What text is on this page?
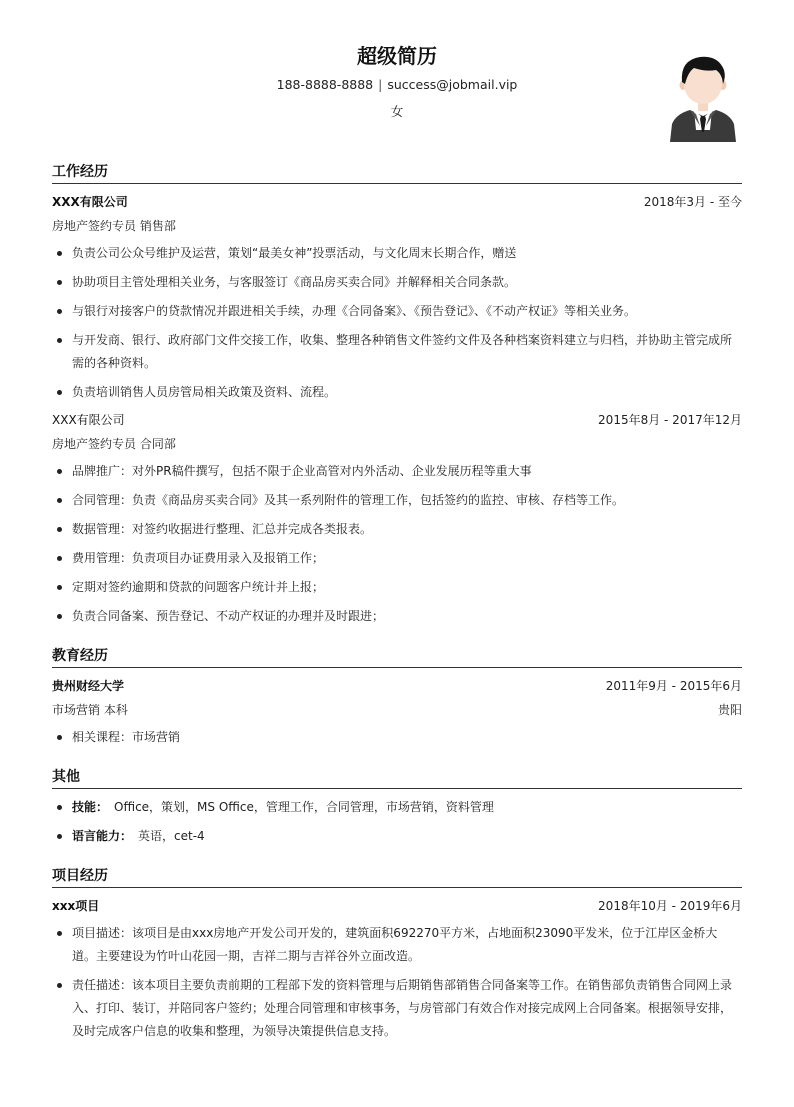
超级简历
188-8888-8888 | success@jobmail.vip
女
工作经历
XXX有限公司	2018年3月 - 至今
房地产签约专员 销售部
负责公司公众号维护及运营，策划“最美女神”投票活动，与文化周末长期合作，赠送
协助项目主管处理相关业务，与客服签订《商品房买卖合同》并解释相关合同条款。
与银行对接客户的贷款情况并跟进相关手续，办理《合同备案》、《预告登记》、《不动产权证》等相关业务。
与开发商、银行、政府部门文件交接工作，收集、整理各种销售文件签约文件及各种档案资料建立与归档，并协助主管完成所需的各种资料。
负责培训销售人员房管局相关政策及资料、流程。
XXX有限公司	2015年8月 - 2017年12月
房地产签约专员 合同部
品牌推广：对外PR稿件撰写，包括不限于企业高管对内外活动、企业发展历程等重大事
合同管理：负责《商品房买卖合同》及其一系列附件的管理工作，包括签约的监控、审核、存档等工作。
数据管理：对签约收据进行整理、汇总并完成各类报表。
费用管理：负责项目办证费用录入及报销工作；
定期对签约逾期和贷款的问题客户统计并上报；
负责合同备案、预告登记、不动产权证的办理并及时跟进；
教育经历
贵州财经大学	2011年9月 - 2015年6月
市场营销 本科	贵阳
相关课程：市场营销
其他
技能： Office，策划，MS Office，管理工作，合同管理，市场营销，资料管理
语言能力： 英语，cet-4
项目经历
xxx项目	2018年10月 - 2019年6月
项目描述：该项目是由xxx房地产开发公司开发的，建筑面积692270平方米，占地面积23090平发米，位于江岸区金桥大道。主要建设为竹叶山花园一期，吉祥二期与吉祥谷外立面改造。
责任描述：该本项目主要负责前期的工程部下发的资料管理与后期销售部销售合同备案等工作。在销售部负责销售合同网上录入、打印、装订，并陪同客户签约；处理合同管理和审核事务，与房管部门有效合作对接完成网上合同备案。根据领导安排，及时完成客户信息的收集和整理，为领导决策提供信息支持。
